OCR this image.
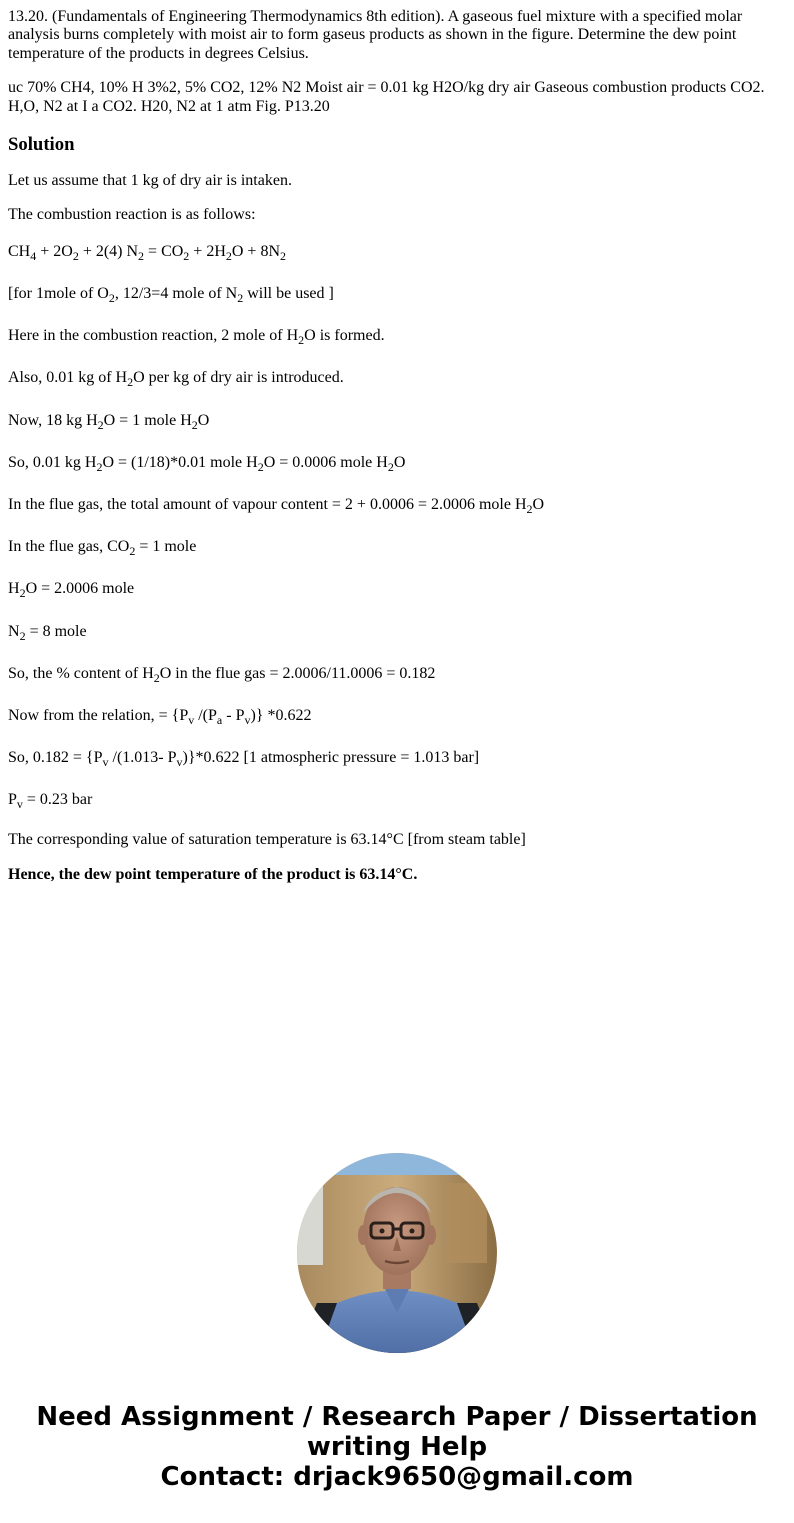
13.20. (Fundamentals of Engineering Thermodynamics 8th edition). A gaseous fuel mixture with a specified molar analysis burns completely with moist air to form gaseus products as shown in the figure. Determine the dew point temperature of the products in degrees Celsius.

uc 70% CH4, 10% H 3%2, 5% CO2, 12% N2 Moist air = 0.01 kg H2O/kg dry air Gaseous combustion products CO2. H,O, N2 at I a CO2. H20, N2 at 1 atm Fig. P13.20

Solution

Let us assume that 1 kg of dry air is intaken.

The combustion reaction is as follows:

$CH_4 + 2O_2 + 2(4) N_2 = CO_2 + 2H_2O + 8N_2$

[for 1mole of $O_2$, 12/3=4 mole of $N_2$ will be used ]

Here in the combustion reaction, 2 mole of $H_2O$ is formed.

Also, 0.01 kg of $H_2O$ per kg of dry air is introduced.

Now, 18 kg $H_2O = 1$ mole $H_2O$

So, 0.01 kg $H_2O = (1/18)*0.01$ mole $H_2O = 0.0006$ mole $H_2O$

In the flue gas, the total amount of vapour content = 2 + 0.0006 = 2.0006 mole $H_2O$

In the flue gas, $CO_2 = 1$ mole

$H_2O = 2.0006$ mole

$N_2 = 8$ mole

So, the % content of $H_2O$ in the flue gas = 2.0006/11.0006 = 0.182

Now from the relation, = {$P_v$ $/(P_a - P_v)$} *0.622

So, $0.182 = \{P_v$ /(1.013- $P_v)\}*0.622$ [1 atmospheric pressure = 1.013 bar]

$P_v = 0.23$ bar

The corresponding value of saturation temperature is 63.14°C [from steam table]

Hence, the dew point temperature of the product is 63.14°C.

Need Assignment / Research Paper / Dissertation
writing Help
Contact: drjack9650@gmail.com
